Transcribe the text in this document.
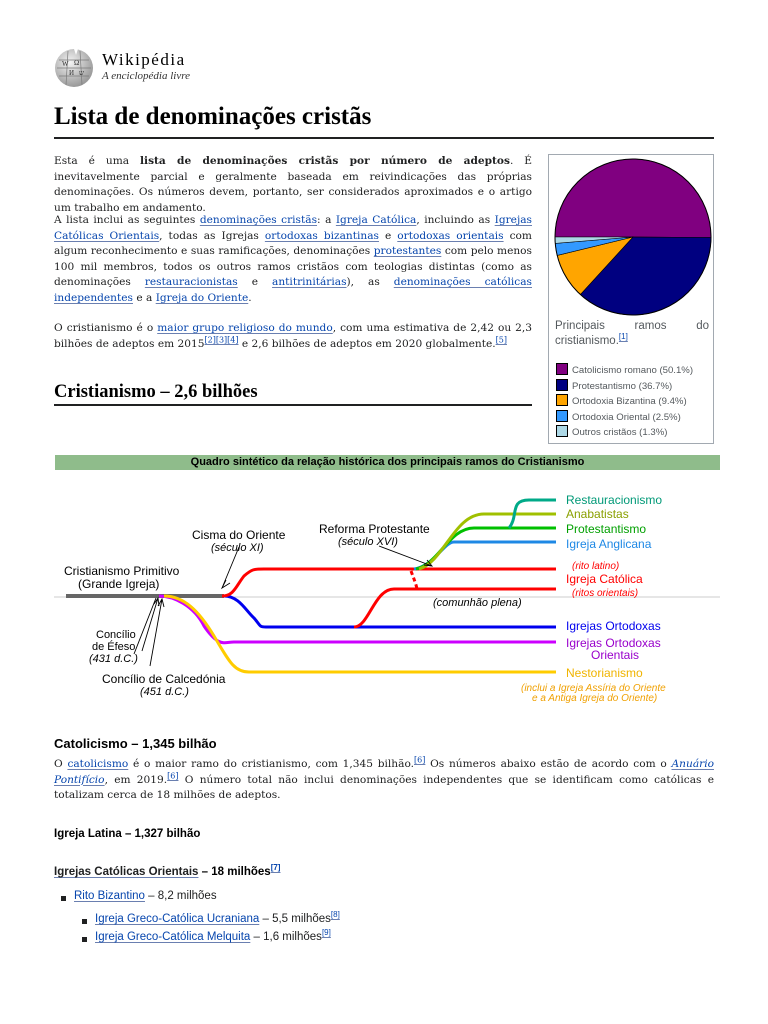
W Ω
И ש
Wikipédia
A enciclopédia livre
Lista de denominações cristãs

Esta é uma lista de denominações cristãs por número de adeptos. É inevitavelmente parcial e geralmente baseada em reivindicações das próprias denominações. Os números devem, portanto, ser considerados aproximados e o artigo um trabalho em andamento.

A lista inclui as seguintes denominações cristãs: a Igreja Católica, incluindo as Igrejas Católicas Orientais, todas as Igrejas ortodoxas bizantinas e ortodoxas orientais com algum reconhecimento e suas ramificações, denominações protestantes com pelo menos 100 mil membros, todos os outros ramos cristãos com teologias distintas (como as denominações restauracionistas e antitrinitárias), as denominações católicas independentes e a Igreja do Oriente.

O cristianismo é o maior grupo religioso do mundo, com uma estimativa de 2,42 ou 2,3 bilhões de adeptos em 2015[2][3][4] e 2,6 bilhões de adeptos em 2020 globalmente.[5]

Principais ramos do
cristianismo.[1]
Catolicismo romano (50.1%)
Protestantismo (36.7%)
Ortodoxia Bizantina (9.4%)
Ortodoxia Oriental (2.5%)
Outros cristãos (1.3%)
Cristianismo – 2,6 bilhões
Quadro sintético da relação histórica dos principais ramos do Cristianismo
Cisma do Oriente
(século XI)
Reforma Protestante
(século XVI)
Cristianismo Primitivo
(Grande Igreja)
Concílio
de Éfeso
(431 d.C.)
Concílio de Calcedónia
(451 d.C.)
(comunhão plena)
Restauracionismo
Anabatistas
Protestantismo
Igreja Anglicana
(rito latino)
Igreja Católica
(ritos orientais)
Igrejas Ortodoxas
Igrejas Ortodoxas
Orientais
Nestorianismo
(inclui a Igreja Assíria do Oriente
e a Antiga Igreja do Oriente)
Catolicismo – 1,345 bilhão

O catolicismo é o maior ramo do cristianismo, com 1,345 bilhão.[6] Os números abaixo estão de acordo com o Anuário Pontifício, em 2019.[6] O número total não inclui denominações independentes que se identificam como católicas e totalizam cerca de 18 milhões de adeptos.

Igreja Latina – 1,327 bilhão
Igrejas Católicas Orientais – 18 milhões[7]
Rito Bizantino – 8,2 milhões
Igreja Greco-Católica Ucraniana – 5,5 milhões[8]
Igreja Greco-Católica Melquita – 1,6 milhões[9]
